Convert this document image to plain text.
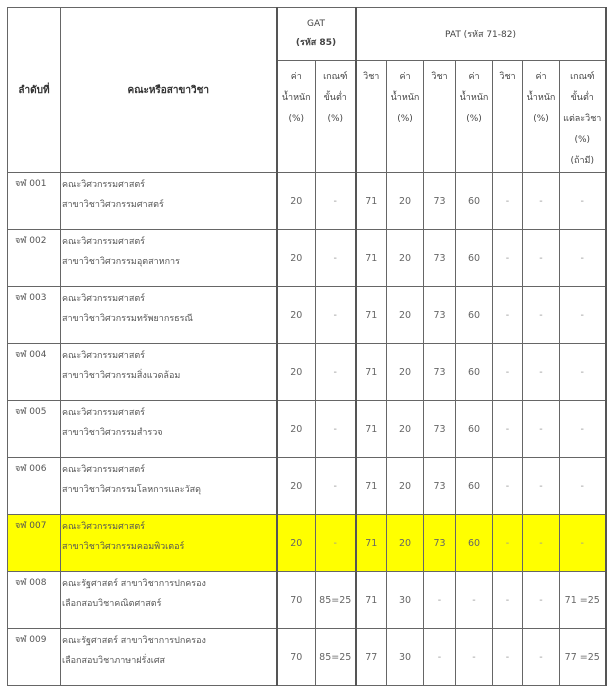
ลำดับที่	คณะหรือสาขาวิชา	GAT
(รหัส 85)		PAT (รหัส 71-82)						

		ค่า
น้ำหนัก
(%)	เกณฑ์
ขั้นต่ำ
(%)	วิชา	ค่า
น้ำหนัก
(%)	วิชา	ค่า
น้ำหนัก
(%)	วิชา	ค่า
น้ำหนัก
(%)	เกณฑ์
ขั้นต่ำ
แต่ละวิชา
(%)
(ถ้ามี)

จฬ 001	คณะวิศวกรรมศาสตร์
สาขาวิชาวิศวกรรมศาสตร์	20	-	71	20	73	60	-	-	-
จฬ 002	คณะวิศวกรรมศาสตร์
สาขาวิชาวิศวกรรมอุตสาหการ	20	-	71	20	73	60	-	-	-
จฬ 003	คณะวิศวกรรมศาสตร์
สาขาวิชาวิศวกรรมทรัพยากรธรณี	20	-	71	20	73	60	-	-	-
จฬ 004	คณะวิศวกรรมศาสตร์
สาขาวิชาวิศวกรรมสิ่งแวดล้อม	20	-	71	20	73	60	-	-	-
จฬ 005	คณะวิศวกรรมศาสตร์
สาขาวิชาวิศวกรรมสำรวจ	20	-	71	20	73	60	-	-	-
จฬ 006	คณะวิศวกรรมศาสตร์
สาขาวิชาวิศวกรรมโลหการและวัสดุ	20	-	71	20	73	60	-	-	-
จฬ 007	คณะวิศวกรรมศาสตร์
สาขาวิชาวิศวกรรมคอมพิวเตอร์	20	-	71	20	73	60	-	-	-
จฬ 008	คณะรัฐศาสตร์ สาขาวิชาการปกครอง
เลือกสอบวิชาคณิตศาสตร์	70	85=25	71	30	-	-	-	-	71 =25
จฬ 009	คณะรัฐศาสตร์ สาขาวิชาการปกครอง
เลือกสอบวิชาภาษาฝรั่งเศส	70	85=25	77	30	-	-	-	-	77 =25
